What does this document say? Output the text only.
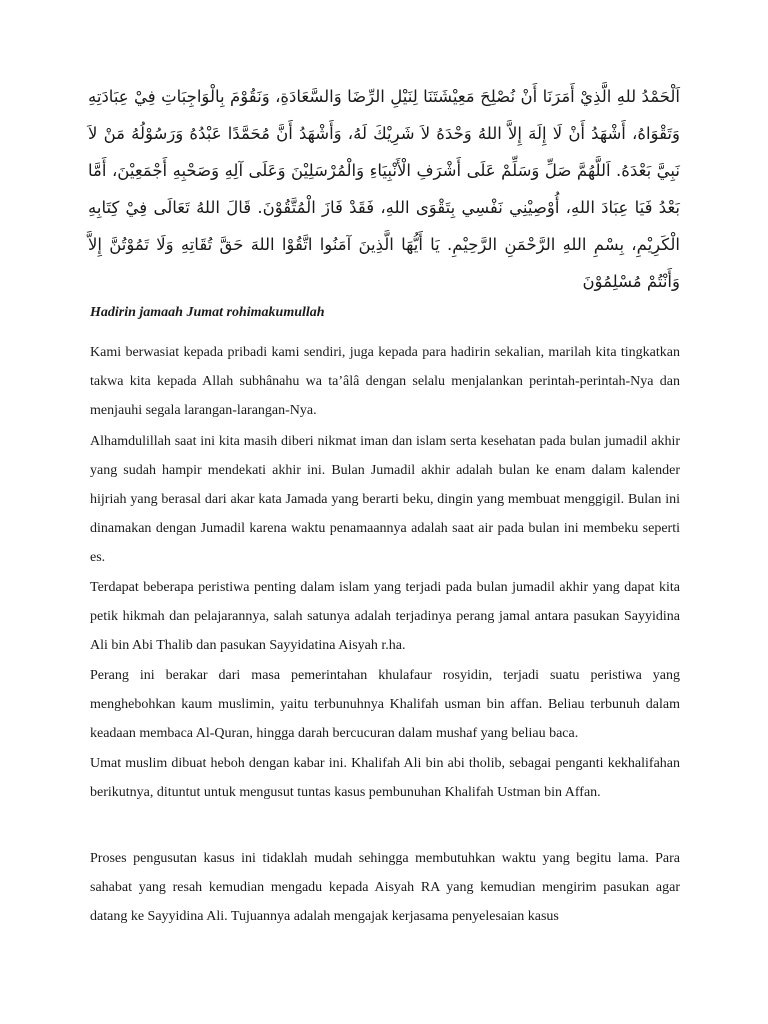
اَلْحَمْدُ للهِ الَّذِيْ أَمَرَنَا أَنْ نُصْلِحَ مَعِيْشَتَنَا لِنَيْلِ الرِّضَا وَالسَّعَادَةِ، وَنَقُوْمَ بِالْوَاجِبَاتِ فِيْ عِبَادَتِهِ وَتَقْوَاهُ، أَشْهَدُ أَنْ لَا إِلَهَ إِلاَّ اللهُ وَحْدَهُ لاَ شَرِيْكَ لَهُ، وَأَشْهَدُ أَنَّ مُحَمَّدًا عَبْدُهُ وَرَسُوْلُهُ مَنْ لاَ نَبِيَّ بَعْدَهُ. اَللَّهُمَّ صَلِّ وَسَلِّمْ عَلَى أَشْرَفِ الْأَنْبِيَاءِ وَالْمُرْسَلِيْنَ وَعَلَى آلِهِ وَصَحْبِهِ أَجْمَعِيْنَ، أَمَّا بَعْدُ فَيَا عِبَادَ اللهِ، أُوْصِيْنِي نَفْسِي بِتَقْوَى اللهِ، فَقَدْ فَازَ الْمُتَّقُوْنَ. قَالَ اللهُ تَعَالَى فِيْ كِتَابِهِ الْكَرِيْمِ، بِسْمِ اللهِ الرَّحْمَنِ الرَّحِيْمِ. يَا أَيُّهَا الَّذِينَ آمَنُوا اتَّقُوْا اللهَ حَقَّ تُقَاتِهِ وَلَا تَمُوْتُنَّ إِلاَّ وَأَنْتُمْ مُسْلِمُوْنَ

Hadirin jamaah Jumat rohimakumullah

Kami berwasiat kepada pribadi kami sendiri, juga kepada para hadirin sekalian, marilah kita tingkatkan takwa kita kepada Allah subhânahu wa ta’âlâ dengan selalu menjalankan perintah-perintah-Nya dan menjauhi segala larangan-larangan-Nya.

Alhamdulillah saat ini kita masih diberi nikmat iman dan islam serta kesehatan pada bulan jumadil akhir yang sudah hampir mendekati akhir ini. Bulan Jumadil akhir adalah bulan ke enam dalam kalender hijriah yang berasal dari akar kata Jamada yang berarti beku, dingin yang membuat menggigil. Bulan ini dinamakan dengan Jumadil karena waktu penamaannya adalah saat air pada bulan ini membeku seperti es.

Terdapat beberapa peristiwa penting dalam islam yang terjadi pada bulan jumadil akhir yang dapat kita petik hikmah dan pelajarannya, salah satunya adalah terjadinya perang jamal antara pasukan Sayyidina Ali bin Abi Thalib dan pasukan Sayyidatina Aisyah r.ha.

Perang ini berakar dari masa pemerintahan khulafaur rosyidin, terjadi suatu peristiwa yang menghebohkan kaum muslimin, yaitu terbunuhnya Khalifah usman bin affan. Beliau terbunuh dalam keadaan membaca Al-Quran, hingga darah bercucuran dalam mushaf yang beliau baca.

Umat muslim dibuat heboh dengan kabar ini. Khalifah Ali bin abi tholib, sebagai penganti kekhalifahan berikutnya, dituntut untuk mengusut tuntas kasus pembunuhan Khalifah Ustman bin Affan.

Proses pengusutan kasus ini tidaklah mudah sehingga membutuhkan waktu yang begitu lama. Para sahabat yang resah kemudian mengadu kepada Aisyah RA yang kemudian mengirim pasukan agar datang ke Sayyidina Ali. Tujuannya adalah mengajak kerjasama penyelesaian kasus
